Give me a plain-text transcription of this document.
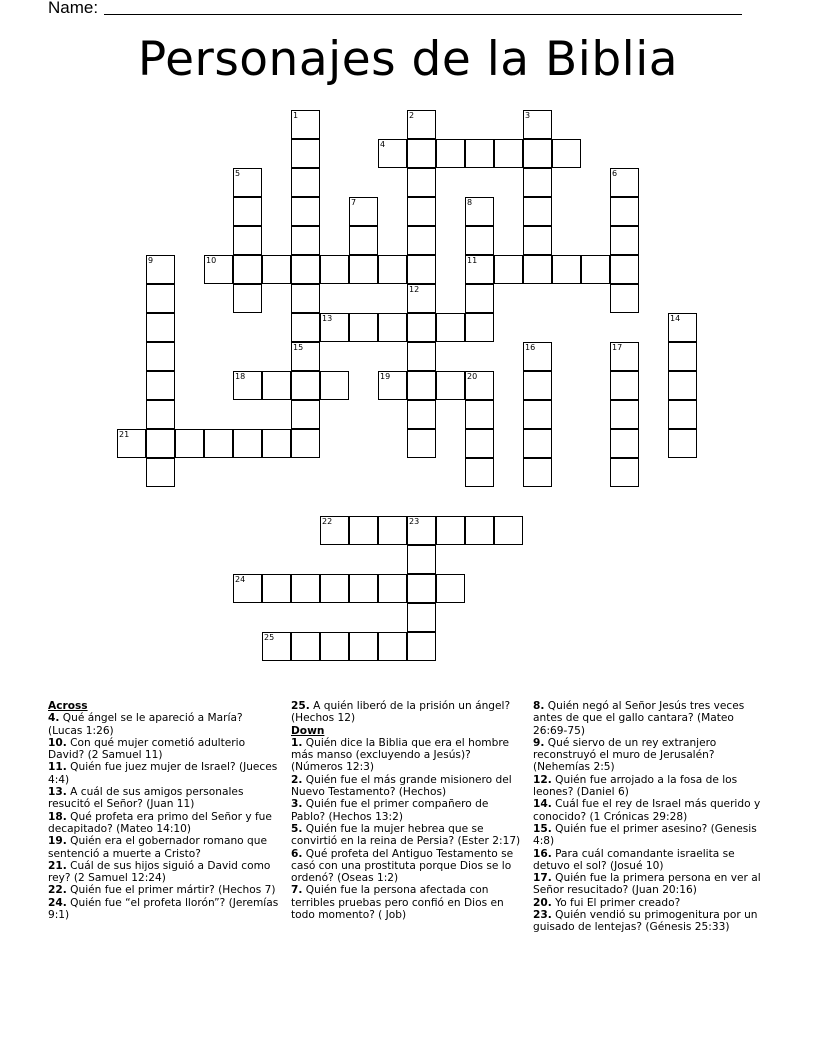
Name:
Personajes de la Biblia
1
15
2	3
4
5	6
7	8
11
9	10
12
13	14
16	17
18	19	20
21
22	23
24
25
Across

4. Qué ángel se le apareció a María? (Lucas 1:26)

10. Con qué mujer cometió adulterio David? (2 Samuel 11)

11. Quién fue juez mujer de Israel? (Jueces 4:4)

13. A cuál de sus amigos personales resucitó el Señor? (Juan 11)

18. Qué profeta era primo del Señor y fue decapitado? (Mateo 14:10)

19. Quién era el gobernador romano que sentenció a muerte a Cristo?

21. Cuál de sus hijos siguió a David como rey? (2 Samuel 12:24)

22. Quién fue el primer mártir? (Hechos 7)

24. Quién fue “el profeta llorón”? (Jeremías 9:1)

25. A quién liberó de la prisión un ángel? (Hechos 12)

Down

1. Quién dice la Biblia que era el hombre más manso (excluyendo a Jesús)? (Números 12:3)

2. Quién fue el más grande misionero del Nuevo Testamento? (Hechos)

3. Quién fue el primer compañero de Pablo? (Hechos 13:2)

5. Quién fue la mujer hebrea que se convirtió en la reina de Persia? (Ester 2:17)

6. Qué profeta del Antiguo Testamento se casó con una prostituta porque Dios se lo ordenó? (Oseas 1:2)

7. Quién fue la persona afectada con terribles pruebas pero confió en Dios en todo momento? ( Job)

8. Quién negó al Señor Jesús tres veces antes de que el gallo cantara? (Mateo 26:69-75)

9. Qué siervo de un rey extranjero reconstruyó el muro de Jerusalén? (Nehemías 2:5)

12. Quién fue arrojado a la fosa de los leones? (Daniel 6)

14. Cuál fue el rey de Israel más querido y conocido? (1 Crónicas 29:28)

15. Quién fue el primer asesino? (Genesis 4:8)

16. Para cuál comandante israelita se detuvo el sol? (Josué 10)

17. Quién fue la primera persona en ver al Señor resucitado? (Juan 20:16)

20. Yo fui El primer creado?

23. Quién vendió su primogenitura por un guisado de lentejas? (Génesis 25:33)
